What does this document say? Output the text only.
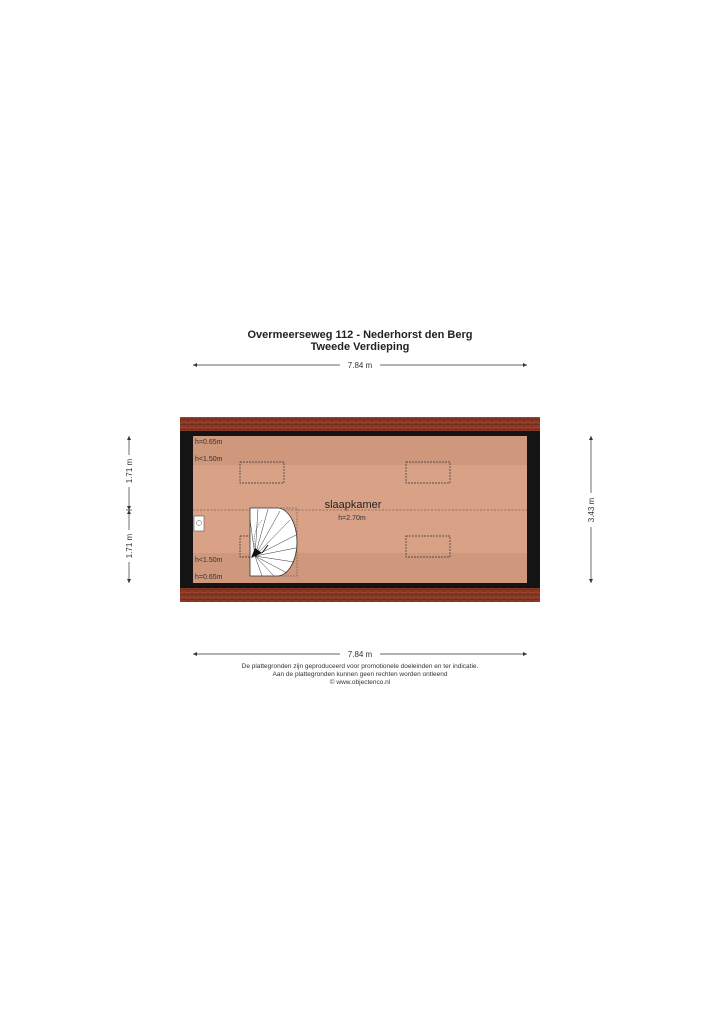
Overmeerseweg 112 - Nederhorst den Berg
Tweede Verdieping
7.84 m
slaapkamer
h=2.70m
h=0.65m
h<1.50m
h<1.50m
h=0.65m
1.71 m
1.71 m
3.43 m
7.84 m
De plattegronden zijn geproduceerd voor promotionele doeleinden en ter indicatie.
Aan de plattegronden kunnen geen rechten worden ontleend
© www.objectenco.nl
